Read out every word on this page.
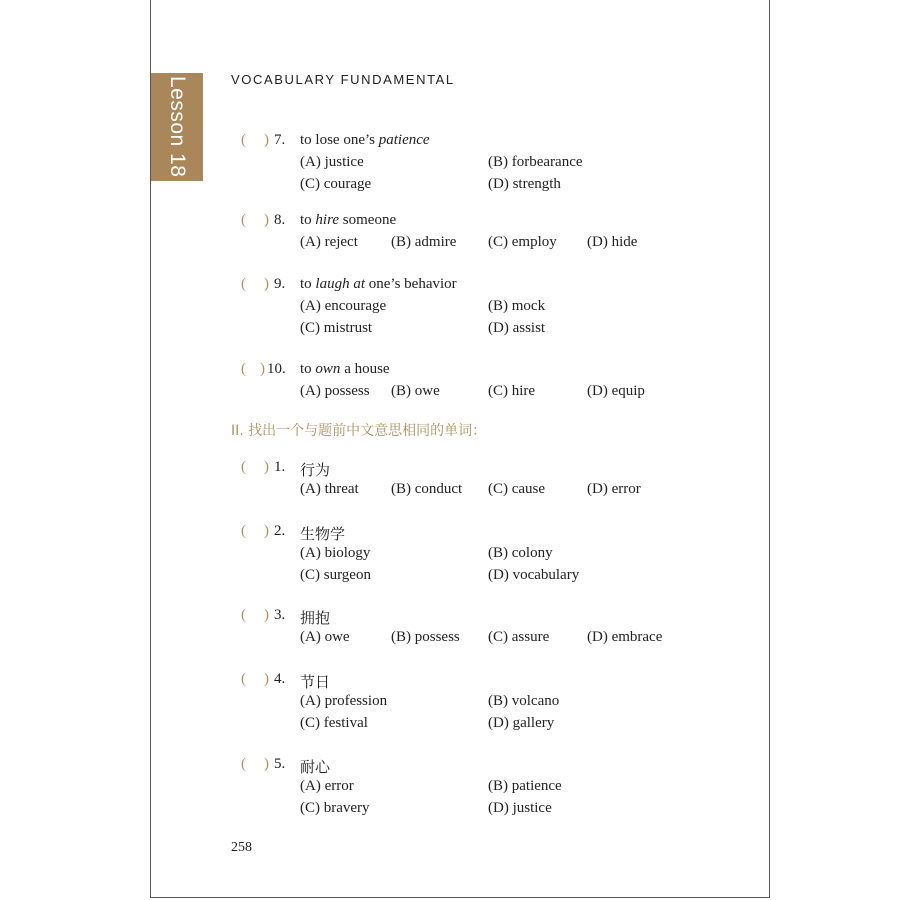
Lesson 18	VOCABULARY FUNDAMENTAL
( ) 7. to lose one’s patience
(A) justice	(B) forbearance
(C) courage	(D) strength
( ) 8. to hire someone
(A) reject (B) admire (C) employ (D) hide
( ) 9. to laugh at one’s behavior
(A) encourage	(B) mock
(C) mistrust	(D) assist
( ) 10. to own a house
(A) possess (B) owe	(C) hire	(D) equip
II. 找出一个与题前中文意思相同的单词：
( ) 1. 行为
(A) threat (B) conduct (C) cause	(D) error
( ) 2. 生物学
(A) biology	(B) colony
(C) surgeon	(D) vocabulary
( ) 3. 拥抱
(A) owe	(B) possess (C) assure	(D) embrace
( ) 4. 节日
(A) profession	(B) volcano
(C) festival	(D) gallery
( ) 5. 耐心
(A) error	(B) patience
(C) bravery	(D) justice
258
